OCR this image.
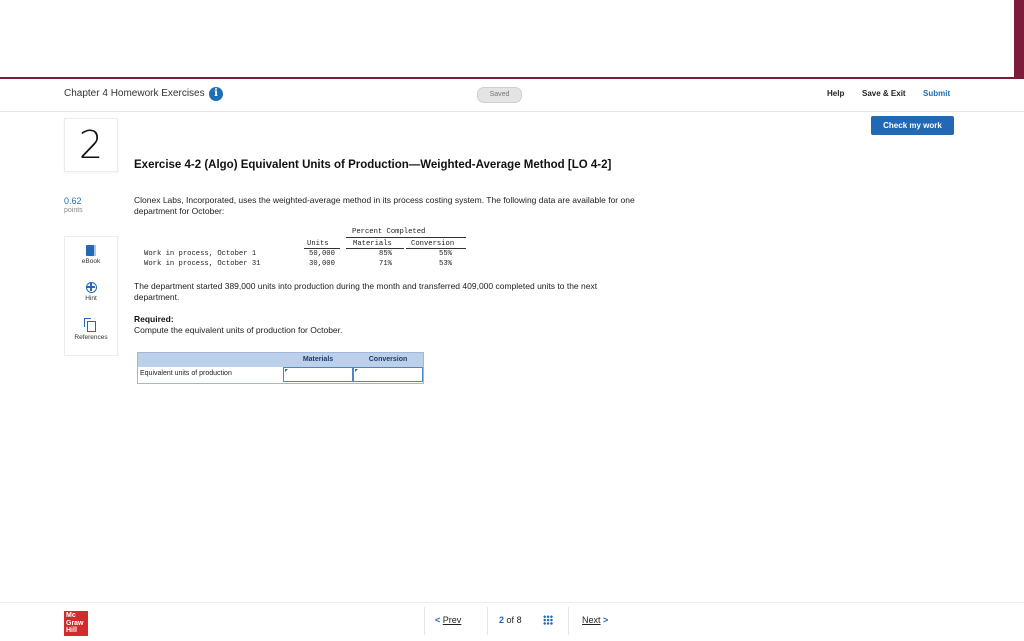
Chapter 4 Homework Exercises i	Saved	Help Save & Exit Submit
Check my work
2
0.62
points
eBook
Hint
References
Exercise 4-2 (Algo) Equivalent Units of Production—Weighted-Average Method [LO 4-2]
Clonex Labs, Incorporated, uses the weighted-average method in its process costing system. The following data are available for one
department for October:
Percent Completed
Units	Materials	Conversion
Work in process, October 1	50,000	85%	55%
Work in process, October 31	30,000	71%	53%
The department started 389,000 units into production during the month and transferred 409,000 completed units to the next
department.
Required:
Compute the equivalent units of production for October.
Materials	Conversion
Equivalent units of production
Mc Graw Hill
< Prev	2 of 8	Next >
